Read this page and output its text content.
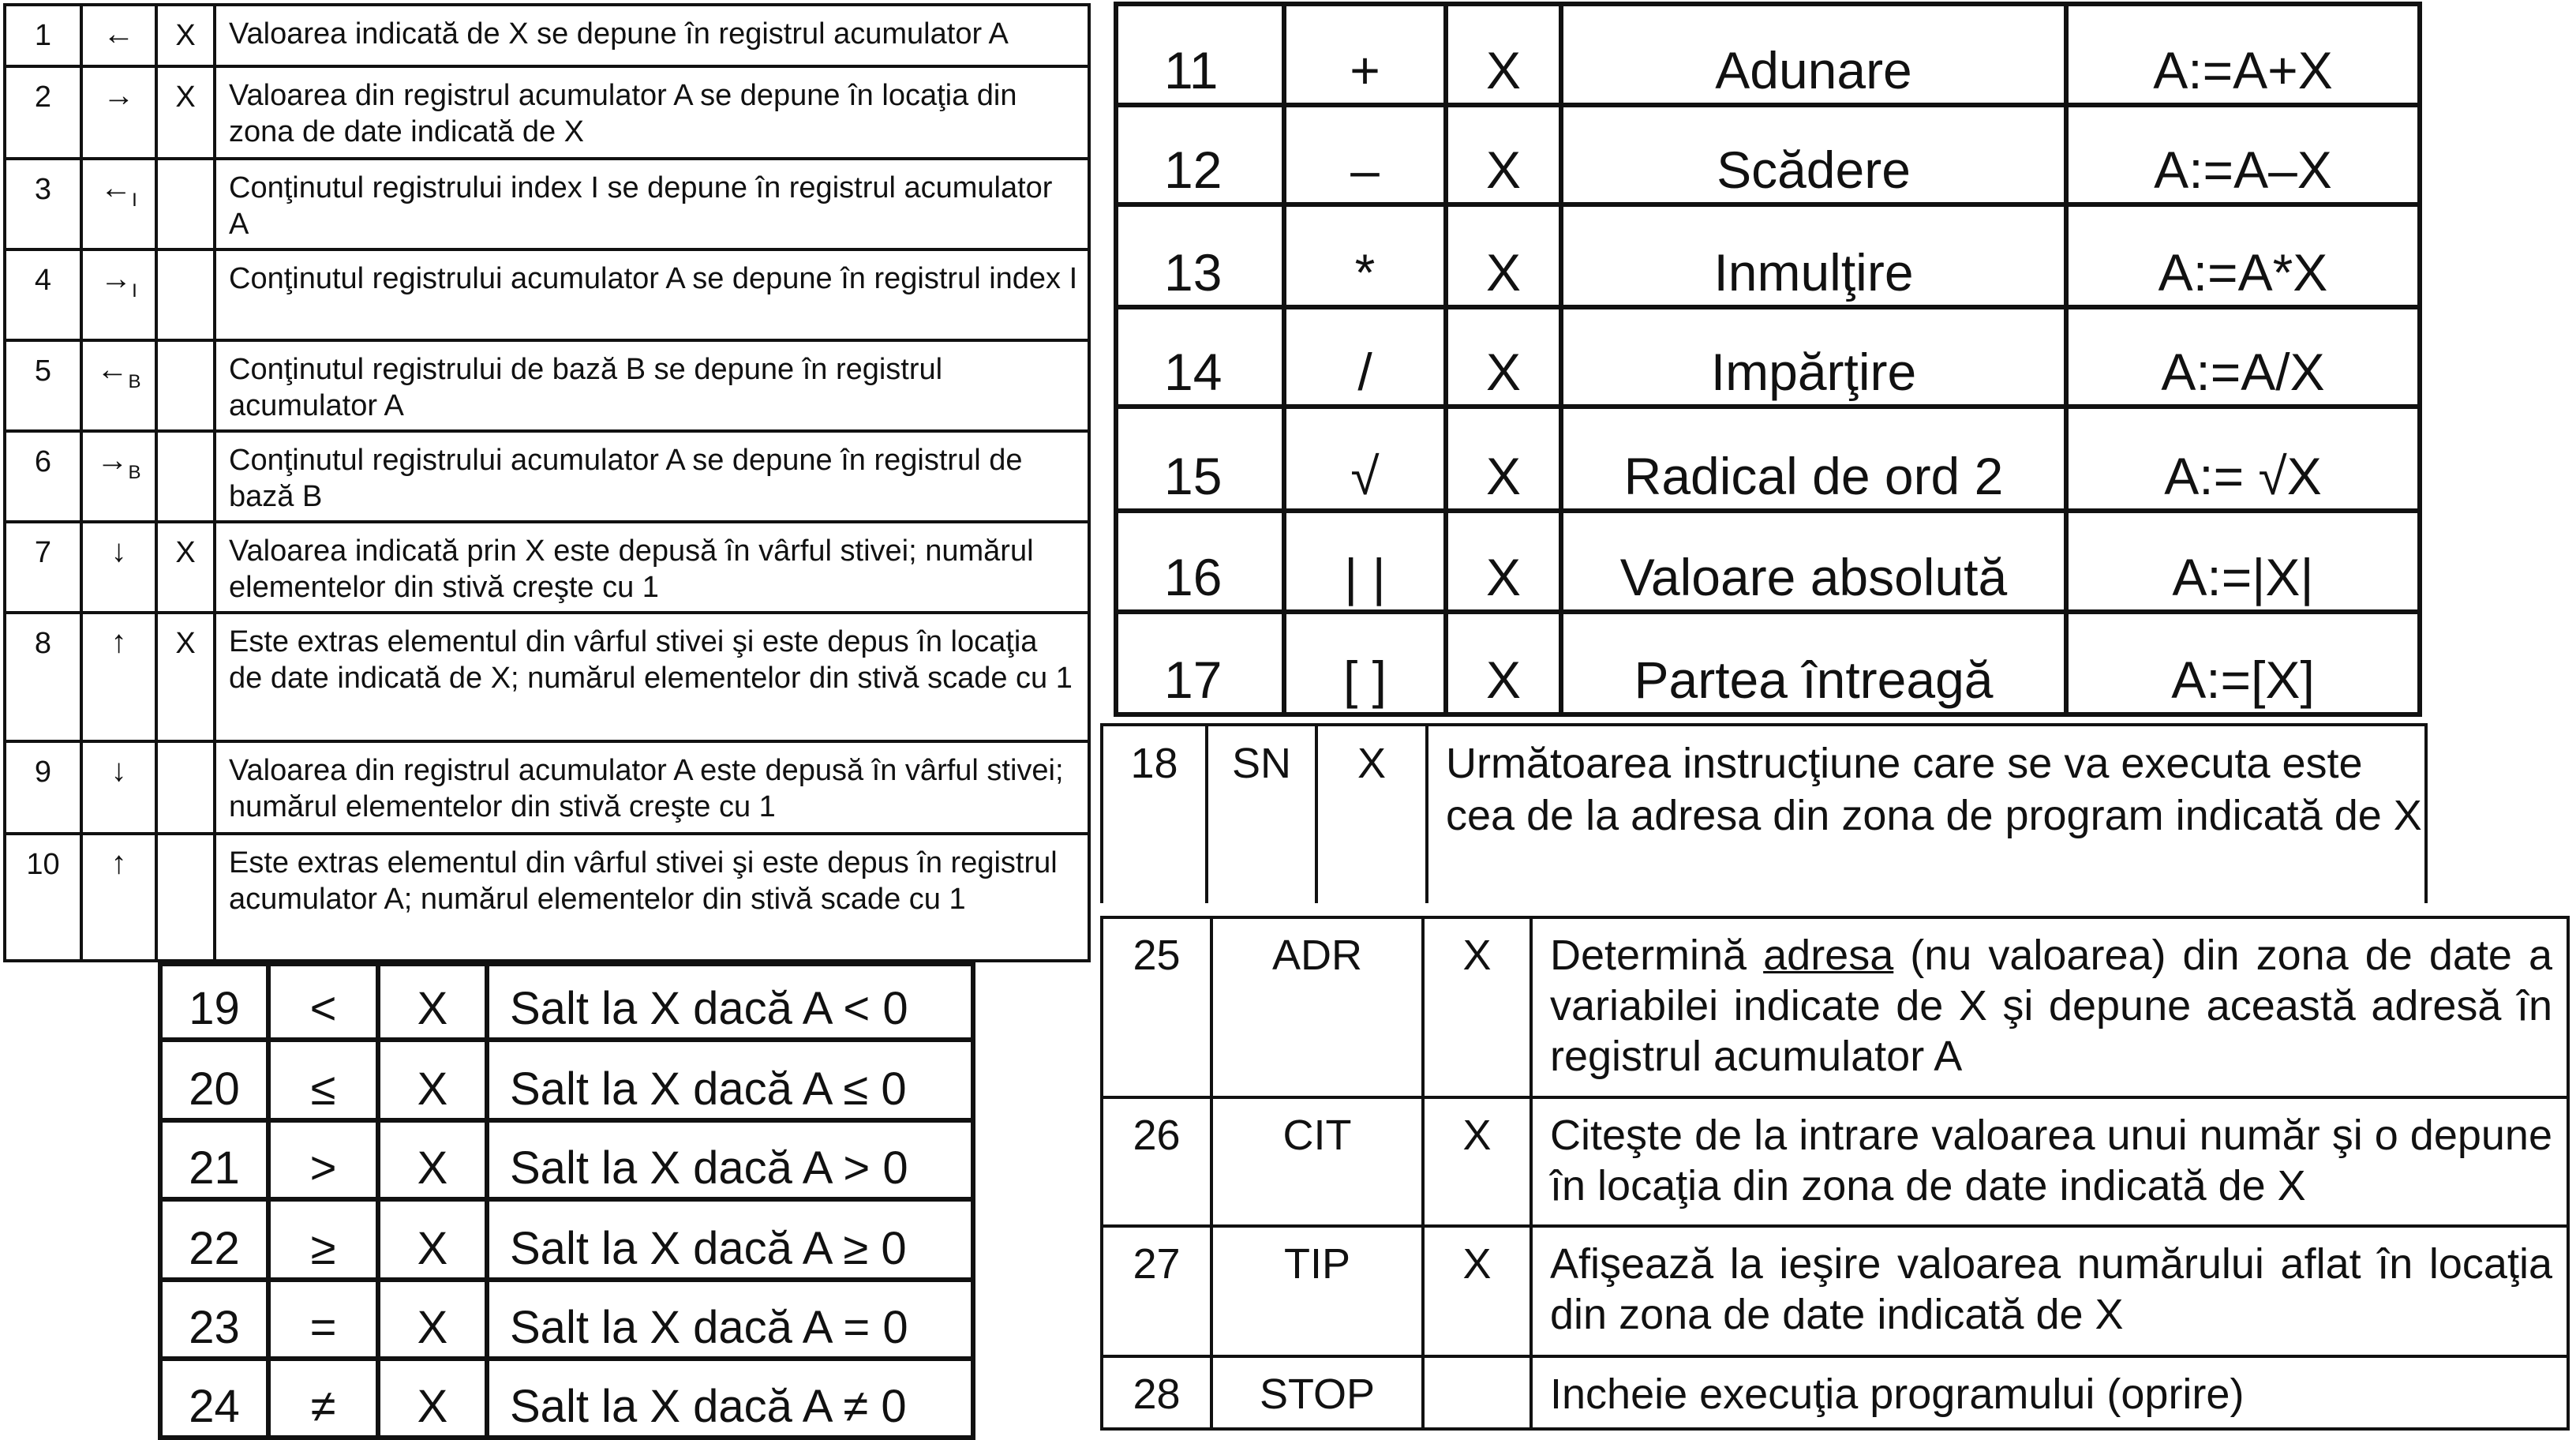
1	←	X	Valoarea indicată de X se depune în registrul acumulator A
2	→	X	Valoarea din registrul acumulator A se depune în locaţia din zona de date indicată de X
3	$\leftarrow_I$		Conţinutul registrului index I se depune în registrul acumulator A
4	$\to_I$		Conţinutul registrului acumulator A se depune în registrul index I
5	$\leftarrow_B$		Conţinutul registrului de bază B se depune în registrul acumulator A
6	$\to_B$		Conţinutul registrului acumulator A se depune în registrul de bază B
7	↓	X	Valoarea indicată prin X este depusă în vârful stivei; numărul elementelor din stivă creşte cu 1
8	↑	X	Este extras elementul din vârful stivei şi este depus în locaţia de date indicată de X; numărul elementelor din stivă scade cu 1
9	↓		Valoarea din registrul acumulator A este depusă în vârful stivei; numărul elementelor din stivă creşte cu 1
10	↑		Este extras elementul din vârful stivei şi este depus în registrul acumulator A; numărul elementelor din stivă scade cu 1
11	+	X	Adunare	A:=A+X
12	–	X	Scădere	A:=A–X
13	*	X	Inmulţire	A:=A*X
14	/	X	Impărţire	A:=A/X
15	√	X	Radical de ord 2	A:= √X
16	| |	X	Valoare absolută	A:=|X|
17	[ ]	X	Partea întreagă	A:=[X]
18	SN	X	Următoarea instrucţiune care se va executa este cea de la adresa din zona de program indicată de X
25	ADR	X	Determină adresa (nu valoarea) din zona de date a variabilei indicate de X şi depune această adresă în registrul acumulator A
26	CIT	X	Citeşte de la intrare valoarea unui număr şi o depune în locaţia din zona de date indicată de X
27	TIP	X	Afişează la ieşire valoarea numărului aflat în locaţia din zona de date indicată de X
28	STOP		Incheie execuţia programului (oprire)
19	<	X	Salt la X dacă A < 0
20	≤	X	Salt la X dacă A ≤ 0
21	>	X	Salt la X dacă A > 0
22	≥	X	Salt la X dacă A ≥ 0
23	=	X	Salt la X dacă A = 0
24	≠	X	Salt la X dacă A ≠ 0
